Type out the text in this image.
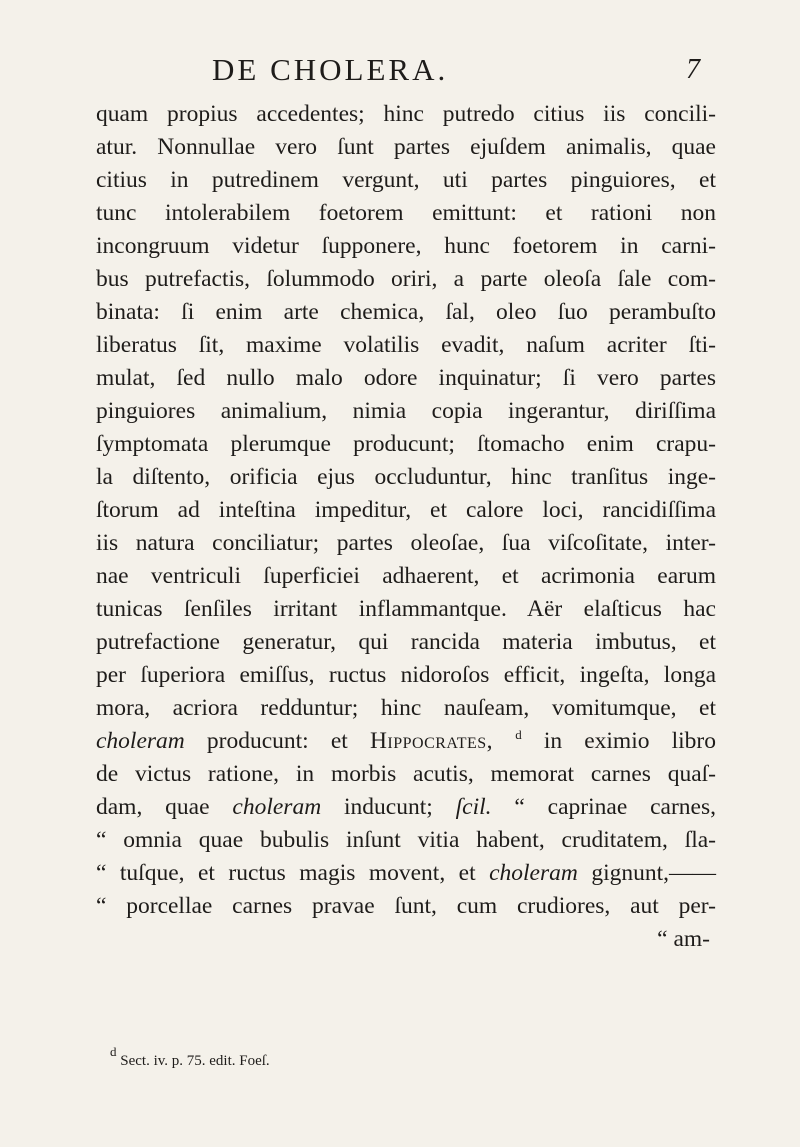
DE CHOLERA.	7
quam propius accedentes; hinc putredo citius iis concili-
atur. Nonnullae vero ſunt partes ejuſdem animalis, quae
citius in putredinem vergunt, uti partes pinguiores, et
tunc intolerabilem foetorem emittunt: et rationi non
incongruum videtur ſupponere, hunc foetorem in carni-
bus putrefactis, ſolummodo oriri, a parte oleoſa ſale com-
binata: ſi enim arte chemica, ſal, oleo ſuo perambuſto
liberatus ſit, maxime volatilis evadit, naſum acriter ſti-
mulat, ſed nullo malo odore inquinatur; ſi vero partes
pinguiores animalium, nimia copia ingerantur, diriſſima
ſymptomata plerumque producunt; ſtomacho enim crapu-
la diſtento, orificia ejus occluduntur, hinc tranſitus inge-
ſtorum ad inteſtina impeditur, et calore loci, rancidiſſima
iis natura conciliatur; partes oleoſae, ſua viſcoſitate, inter-
nae ventriculi ſuperficiei adhaerent, et acrimonia earum
tunicas ſenſiles irritant inflammantque. Aër elaſticus hac
putrefactione generatur, qui rancida materia imbutus, et
per ſuperiora emiſſus, ructus nidoroſos efficit, ingeſta, longa
mora, acriora redduntur; hinc nauſeam, vomitumque, et
choleram producunt: et Hippocrates, $^d$ in eximio libro
de victus ratione, in morbis acutis, memorat carnes quaſ-
dam, quae choleram inducunt; ſcil. “ caprinae carnes,
“ omnia quae bubulis inſunt vitia habent, cruditatem, ſla-
“ tuſque, et ructus magis movent, et choleram gignunt,——
“ porcellae carnes pravae ſunt, cum crudiores, aut per-
“ am-
$^d$ Sect. iv. p. 75. edit. Foeſ.
